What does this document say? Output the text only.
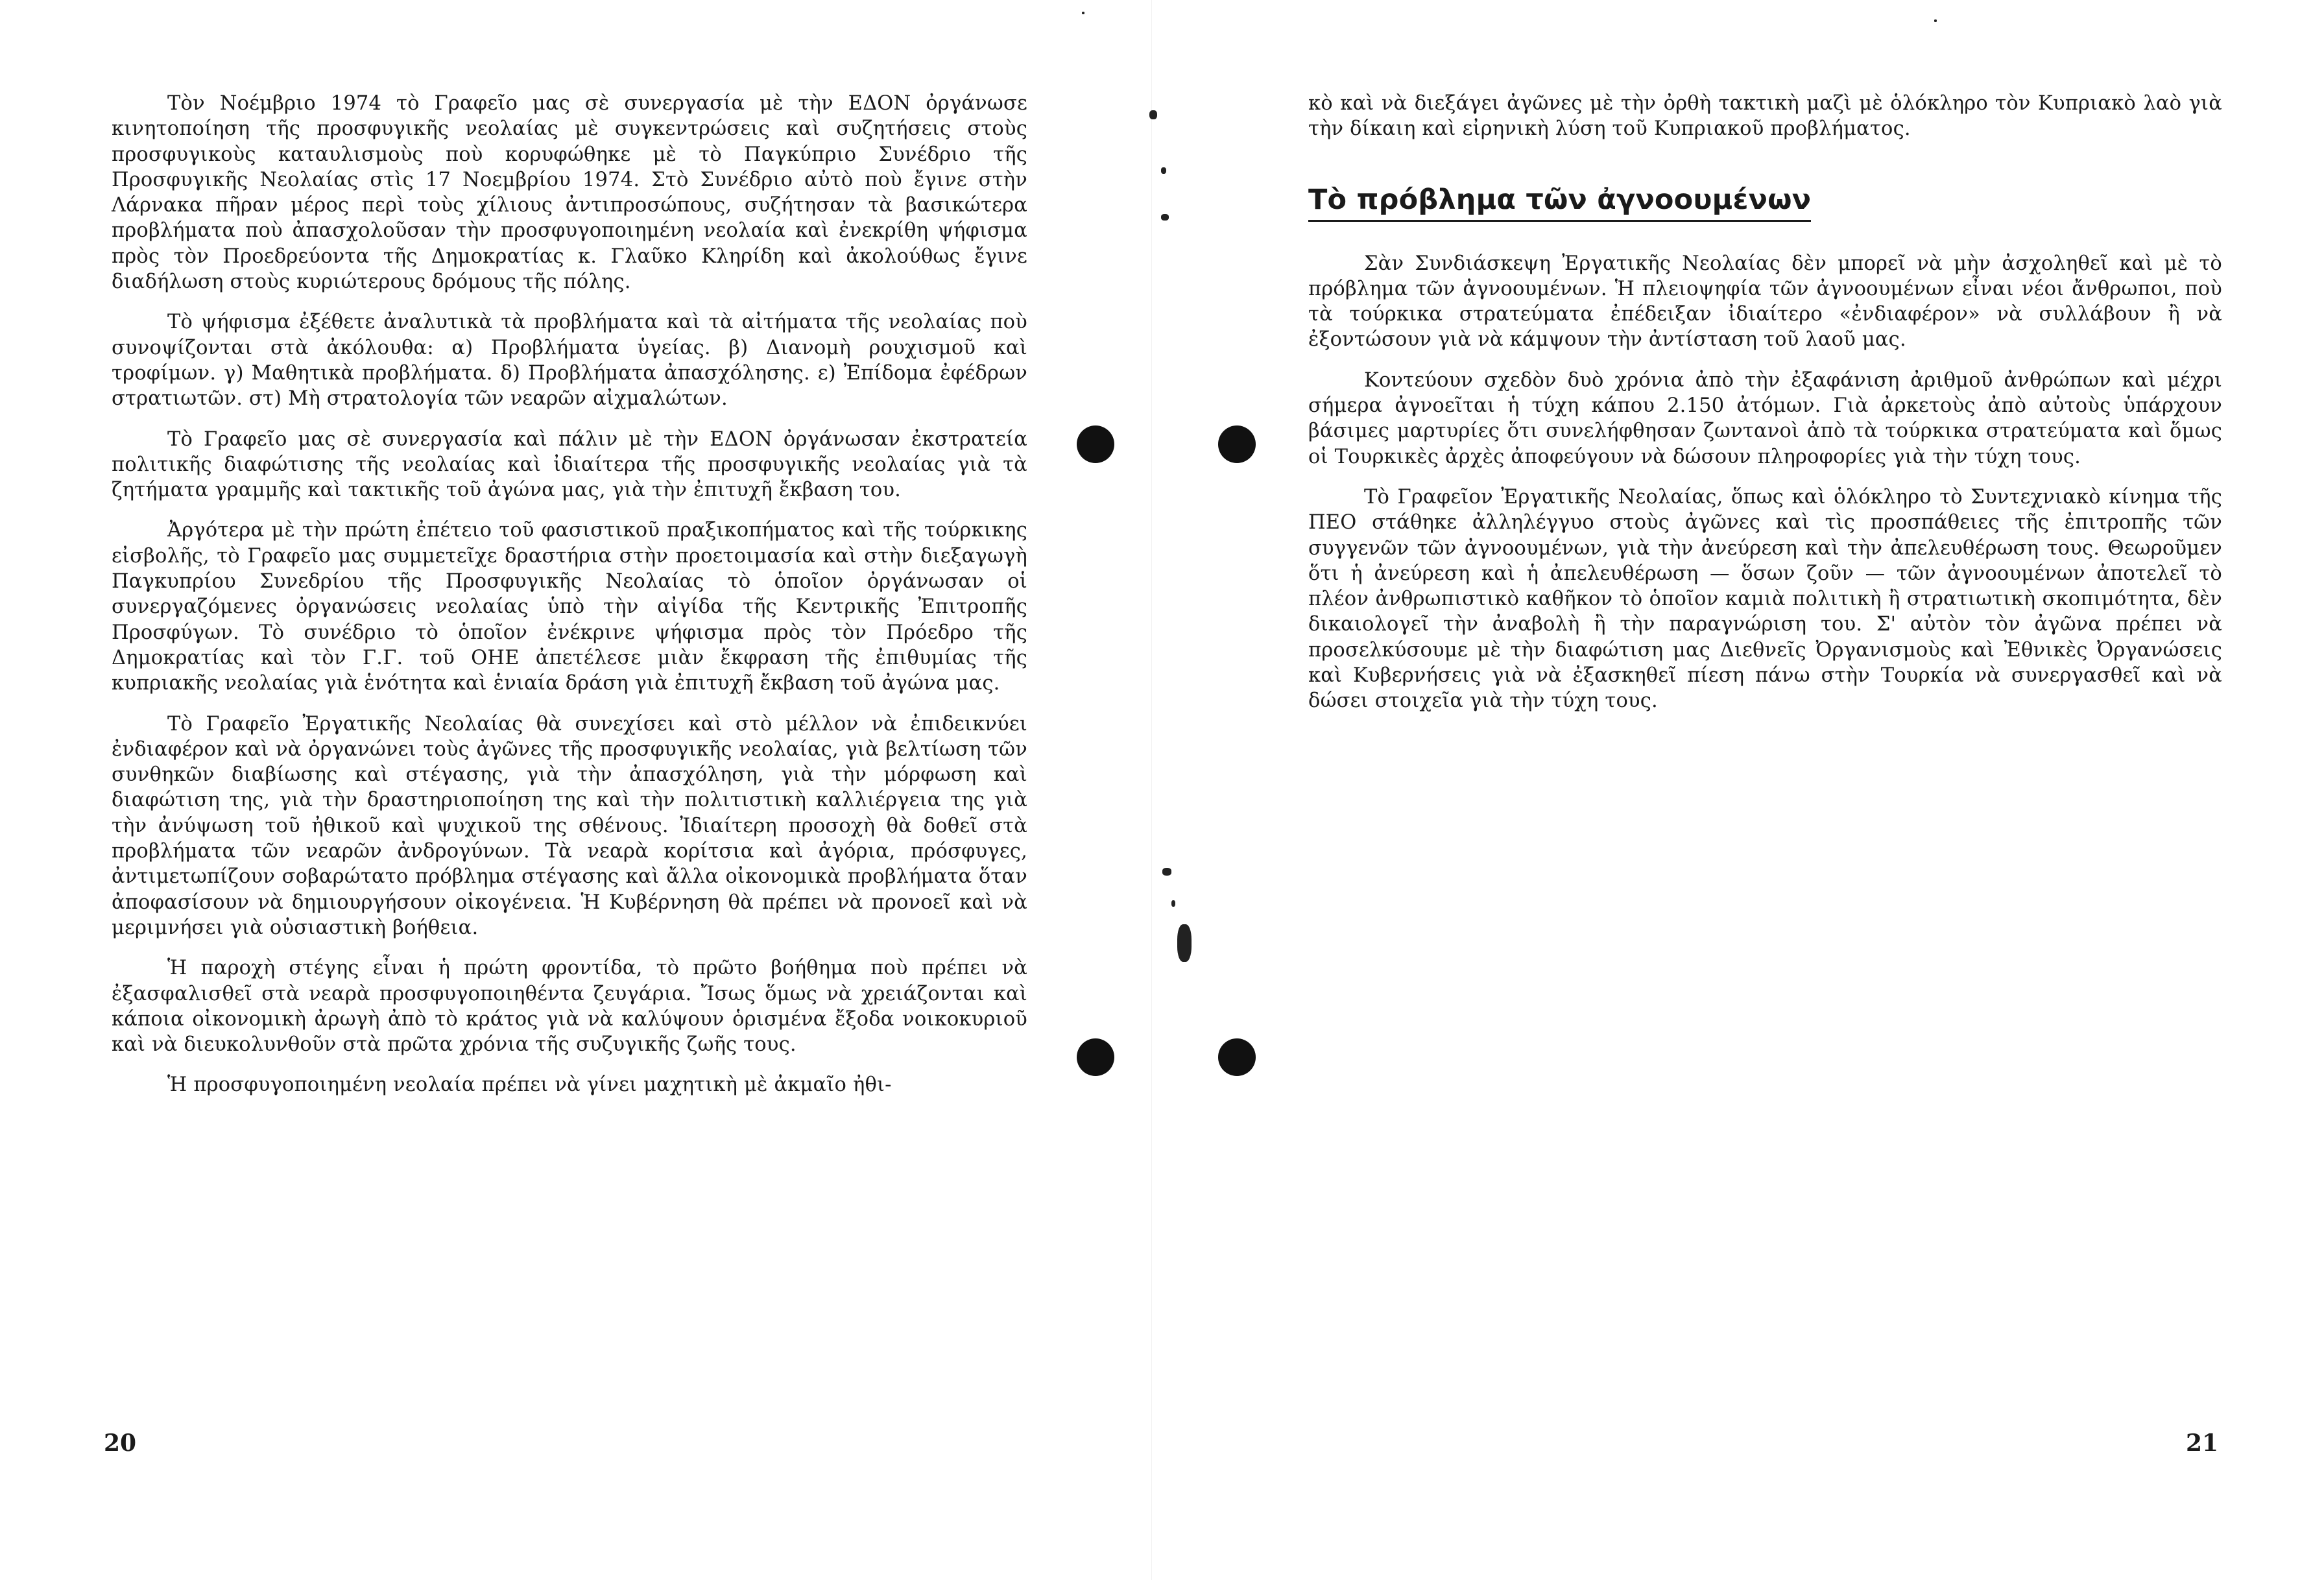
Τὸν Νοέμβριο 1974 τὸ Γραφεῖο μας σὲ συνεργασία μὲ τὴν ΕΔΟΝ ὀργάνωσε κινητοποίηση τῆς προσφυγικῆς νεολαίας μὲ συγκεντρώσεις καὶ συζητήσεις στοὺς προσφυγικοὺς καταυλισμοὺς ποὺ κορυφώθηκε μὲ τὸ Παγκύπριο Συνέδριο τῆς Προσφυγικῆς Νεολαίας στὶς 17 Νοεμβρίου 1974. Στὸ Συνέδριο αὐτὸ ποὺ ἔγινε στὴν Λάρνακα πῆραν μέρος περὶ τοὺς χίλιους ἀντιπροσώπους, συζήτησαν τὰ βασικώτερα προβλήματα ποὺ ἀπασχολοῦσαν τὴν προσφυγοποιημένη νεολαία καὶ ἐνεκρίθη ψήφισμα πρὸς τὸν Προεδρεύοντα τῆς Δημοκρατίας κ. Γλαῦκο Κληρίδη καὶ ἀκολούθως ἔγινε διαδήλωση στοὺς κυριώτερους δρόμους τῆς πόλης.

Τὸ ψήφισμα ἐξέθετε ἀναλυτικὰ τὰ προβλήματα καὶ τὰ αἰτήματα τῆς νεολαίας ποὺ συνοψίζονται στὰ ἀκόλουθα: α) Προβλήματα ὑγείας. β) Διανομὴ ρουχισμοῦ καὶ τροφίμων. γ) Μαθητικὰ προβλήματα. δ) Προβλήματα ἀπασχόλησης. ε) Ἐπίδομα ἐφέδρων στρατιωτῶν. στ) Μὴ στρατολογία τῶν νεαρῶν αἰχμαλώτων.

Τὸ Γραφεῖο μας σὲ συνεργασία καὶ πάλιν μὲ τὴν ΕΔΟΝ ὀργάνωσαν ἐκστρατεία πολιτικῆς διαφώτισης τῆς νεολαίας καὶ ἰδιαίτερα τῆς προσφυγικῆς νεολαίας γιὰ τὰ ζητήματα γραμμῆς καὶ τακτικῆς τοῦ ἀγώνα μας, γιὰ τὴν ἐπιτυχῆ ἔκβαση του.

Ἀργότερα μὲ τὴν πρώτη ἐπέτειο τοῦ φασιστικοῦ πραξικοπήματος καὶ τῆς τούρκικης εἰσβολῆς, τὸ Γραφεῖο μας συμμετεῖχε δραστήρια στὴν προετοιμασία καὶ στὴν διεξαγωγὴ Παγκυπρίου Συνεδρίου τῆς Προσφυγικῆς Νεολαίας τὸ ὁποῖον ὀργάνωσαν οἱ συνεργαζόμενες ὀργανώσεις νεολαίας ὑπὸ τὴν αἰγίδα τῆς Κεντρικῆς Ἐπιτροπῆς Προσφύγων. Τὸ συνέδριο τὸ ὁποῖον ἐνέκρινε ψήφισμα πρὸς τὸν Πρόεδρο τῆς Δημοκρατίας καὶ τὸν Γ.Γ. τοῦ ΟΗΕ ἀπετέλεσε μιὰν ἔκφραση τῆς ἐπιθυμίας τῆς κυπριακῆς νεολαίας γιὰ ἑνότητα καὶ ἑνιαία δράση γιὰ ἐπιτυχῆ ἔκβαση τοῦ ἀγώνα μας.

Τὸ Γραφεῖο Ἐργατικῆς Νεολαίας θὰ συνεχίσει καὶ στὸ μέλλον νὰ ἐπιδεικνύει ἐνδιαφέρον καὶ νὰ ὀργανώνει τοὺς ἀγῶνες τῆς προσφυγικῆς νεολαίας, γιὰ βελτίωση τῶν συνθηκῶν διαβίωσης καὶ στέγασης, γιὰ τὴν ἀπασχόληση, γιὰ τὴν μόρφωση καὶ διαφώτιση της, γιὰ τὴν δραστηριοποίηση της καὶ τὴν πολιτιστικὴ καλλιέργεια της γιὰ τὴν ἀνύψωση τοῦ ἠθικοῦ καὶ ψυχικοῦ της σθένους. Ἰδιαίτερη προσοχὴ θὰ δοθεῖ στὰ προβλήματα τῶν νεαρῶν ἀνδρογύνων. Τὰ νεαρὰ κορίτσια καὶ ἀγόρια, πρόσφυγες, ἀντιμετωπίζουν σοβαρώτατο πρόβλημα στέγασης καὶ ἄλλα οἰκονομικὰ προβλήματα ὅταν ἀποφασίσουν νὰ δημιουργήσουν οἰκογένεια. Ἡ Κυβέρνηση θὰ πρέπει νὰ προνοεῖ καὶ νὰ μεριμνήσει γιὰ οὐσιαστικὴ βοήθεια.

Ἡ παροχὴ στέγης εἶναι ἡ πρώτη φροντίδα, τὸ πρῶτο βοήθημα ποὺ πρέπει νὰ ἐξασφαλισθεῖ στὰ νεαρὰ προσφυγοποιηθέντα ζευγάρια. Ἴσως ὅμως νὰ χρειάζονται καὶ κάποια οἰκονομικὴ ἀρωγὴ ἀπὸ τὸ κράτος γιὰ νὰ καλύψουν ὁρισμένα ἔξοδα νοικοκυριοῦ καὶ νὰ διευκολυνθοῦν στὰ πρῶτα χρόνια τῆς συζυγικῆς ζωῆς τους.

Ἡ προσφυγοποιημένη νεολαία πρέπει νὰ γίνει μαχητικὴ μὲ ἀκμαῖο ἠθι-

20

κὸ καὶ νὰ διεξάγει ἀγῶνες μὲ τὴν ὀρθὴ τακτικὴ μαζὶ μὲ ὁλόκληρο τὸν Κυπριακὸ λαὸ γιὰ τὴν δίκαιη καὶ εἰρηνικὴ λύση τοῦ Κυπριακοῦ προβλήματος.

Τὸ πρόβλημα τῶν ἀγνοουμένων

Σὰν Συνδιάσκεψη Ἐργατικῆς Νεολαίας δὲν μπορεῖ νὰ μὴν ἀσχοληθεῖ καὶ μὲ τὸ πρόβλημα τῶν ἀγνοουμένων. Ἡ πλειοψηφία τῶν ἀγνοουμένων εἶναι νέοι ἄνθρωποι, ποὺ τὰ τούρκικα στρατεύματα ἐπέδειξαν ἰδιαίτερο «ἐνδιαφέρον» νὰ συλλάβουν ἢ νὰ ἐξοντώσουν γιὰ νὰ κάμψουν τὴν ἀντίσταση τοῦ λαοῦ μας.

Κοντεύουν σχεδὸν δυὸ χρόνια ἀπὸ τὴν ἐξαφάνιση ἀριθμοῦ ἀνθρώπων καὶ μέχρι σήμερα ἀγνοεῖται ἡ τύχη κάπου 2.150 ἀτόμων. Γιὰ ἀρκετοὺς ἀπὸ αὐτοὺς ὑπάρχουν βάσιμες μαρτυρίες ὅτι συνελήφθησαν ζωντανοὶ ἀπὸ τὰ τούρκικα στρατεύματα καὶ ὅμως οἱ Τουρκικὲς ἀρχὲς ἀποφεύγουν νὰ δώσουν πληροφορίες γιὰ τὴν τύχη τους.

Τὸ Γραφεῖον Ἐργατικῆς Νεολαίας, ὅπως καὶ ὁλόκληρο τὸ Συντεχνιακὸ κίνημα τῆς ΠΕΟ στάθηκε ἀλληλέγγυο στοὺς ἀγῶνες καὶ τὶς προσπάθειες τῆς ἐπιτροπῆς τῶν συγγενῶν τῶν ἀγνοουμένων, γιὰ τὴν ἀνεύρεση καὶ τὴν ἀπελευθέρωση τους. Θεωροῦμεν ὅτι ἡ ἀνεύρεση καὶ ἡ ἀπελευθέρωση — ὅσων ζοῦν — τῶν ἀγνοουμένων ἀποτελεῖ τὸ πλέον ἀνθρωπιστικὸ καθῆκον τὸ ὁποῖον καμιὰ πολιτικὴ ἢ στρατιωτικὴ σκοπιμότητα, δὲν δικαιολογεῖ τὴν ἀναβολὴ ἢ τὴν παραγνώριση του. Σ' αὐτὸν τὸν ἀγῶνα πρέπει νὰ προσελκύσουμε μὲ τὴν διαφώτιση μας Διεθνεῖς Ὀργανισμοὺς καὶ Ἐθνικὲς Ὀργανώσεις καὶ Κυβερνήσεις γιὰ νὰ ἐξασκηθεῖ πίεση πάνω στὴν Τουρκία νὰ συνεργασθεῖ καὶ νὰ δώσει στοιχεῖα γιὰ τὴν τύχη τους.

21
